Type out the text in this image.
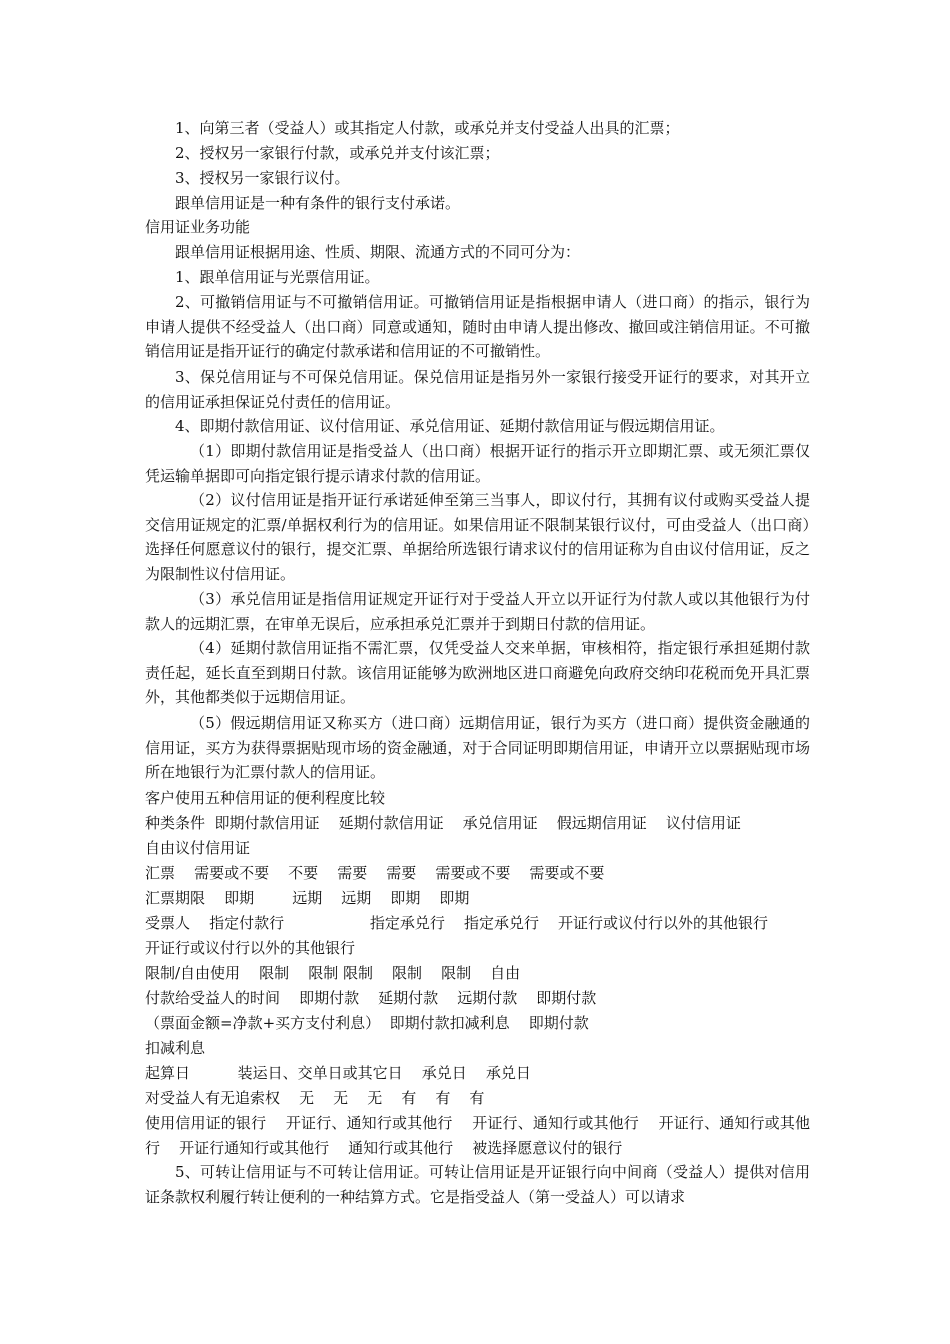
1、向第三者（受益人）或其指定人付款，或承兑并支付受益人出具的汇票；

2、授权另一家银行付款，或承兑并支付该汇票；

3、授权另一家银行议付。

跟单信用证是一种有条件的银行支付承诺。

信用证业务功能

跟单信用证根据用途、性质、期限、流通方式的不同可分为：

1、跟单信用证与光票信用证。

2、可撤销信用证与不可撤销信用证。可撤销信用证是指根据申请人（进口商）的指示，银行为申请人提供不经受益人（出口商）同意或通知，随时由申请人提出修改、撤回或注销信用证。不可撤销信用证是指开证行的确定付款承诺和信用证的不可撤销性。

3、保兑信用证与不可保兑信用证。保兑信用证是指另外一家银行接受开证行的要求，对其开立的信用证承担保证兑付责任的信用证。

4、即期付款信用证、议付信用证、承兑信用证、延期付款信用证与假远期信用证。

（1）即期付款信用证是指受益人（出口商）根据开证行的指示开立即期汇票、或无须汇票仅凭运输单据即可向指定银行提示请求付款的信用证。

（2）议付信用证是指开证行承诺延伸至第三当事人，即议付行，其拥有议付或购买受益人提交信用证规定的汇票/单据权利行为的信用证。如果信用证不限制某银行议付，可由受益人（出口商）选择任何愿意议付的银行，提交汇票、单据给所选银行请求议付的信用证称为自由议付信用证，反之为限制性议付信用证。

（3）承兑信用证是指信用证规定开证行对于受益人开立以开证行为付款人或以其他银行为付款人的远期汇票，在审单无误后，应承担承兑汇票并于到期日付款的信用证。

（4）延期付款信用证指不需汇票，仅凭受益人交来单据，审核相符，指定银行承担延期付款责任起，延长直至到期日付款。该信用证能够为欧洲地区进口商避免向政府交纳印花税而免开具汇票外，其他都类似于远期信用证。

（5）假远期信用证又称买方（进口商）远期信用证，银行为买方（进口商）提供资金融通的信用证，买方为获得票据贴现市场的资金融通，对于合同证明即期信用证，申请开立以票据贴现市场所在地银行为汇票付款人的信用证。

客户使用五种信用证的便利程度比较

种类条件  即期付款信用证    延期付款信用证    承兑信用证    假远期信用证    议付信用证
自由议付信用证
汇票    需要或不要    不要    需要    需要    需要或不要    需要或不要
汇票期限    即期        远期    远期    即期    即期
受票人    指定付款行                  指定承兑行    指定承兑行    开证行或议付行以外的其他银行
开证行或议付行以外的其他银行
限制/自由使用    限制    限制 限制    限制    限制    自由
付款给受益人的时间    即期付款    延期付款    远期付款    即期付款
（票面金额=净款+买方支付利息）  即期付款扣减利息    即期付款
扣减利息
起算日          装运日、交单日或其它日    承兑日    承兑日
对受益人有无追索权    无    无    无    有    有    有

使用信用证的银行    开证行、通知行或其他行    开证行、通知行或其他行    开证行、通知行或其他行    开证行通知行或其他行    通知行或其他行    被选择愿意议付的银行

5、可转让信用证与不可转让信用证。可转让信用证是开证银行向中间商（受益人）提供对信用证条款权利履行转让便利的一种结算方式。它是指受益人（第一受益人）可以请求
